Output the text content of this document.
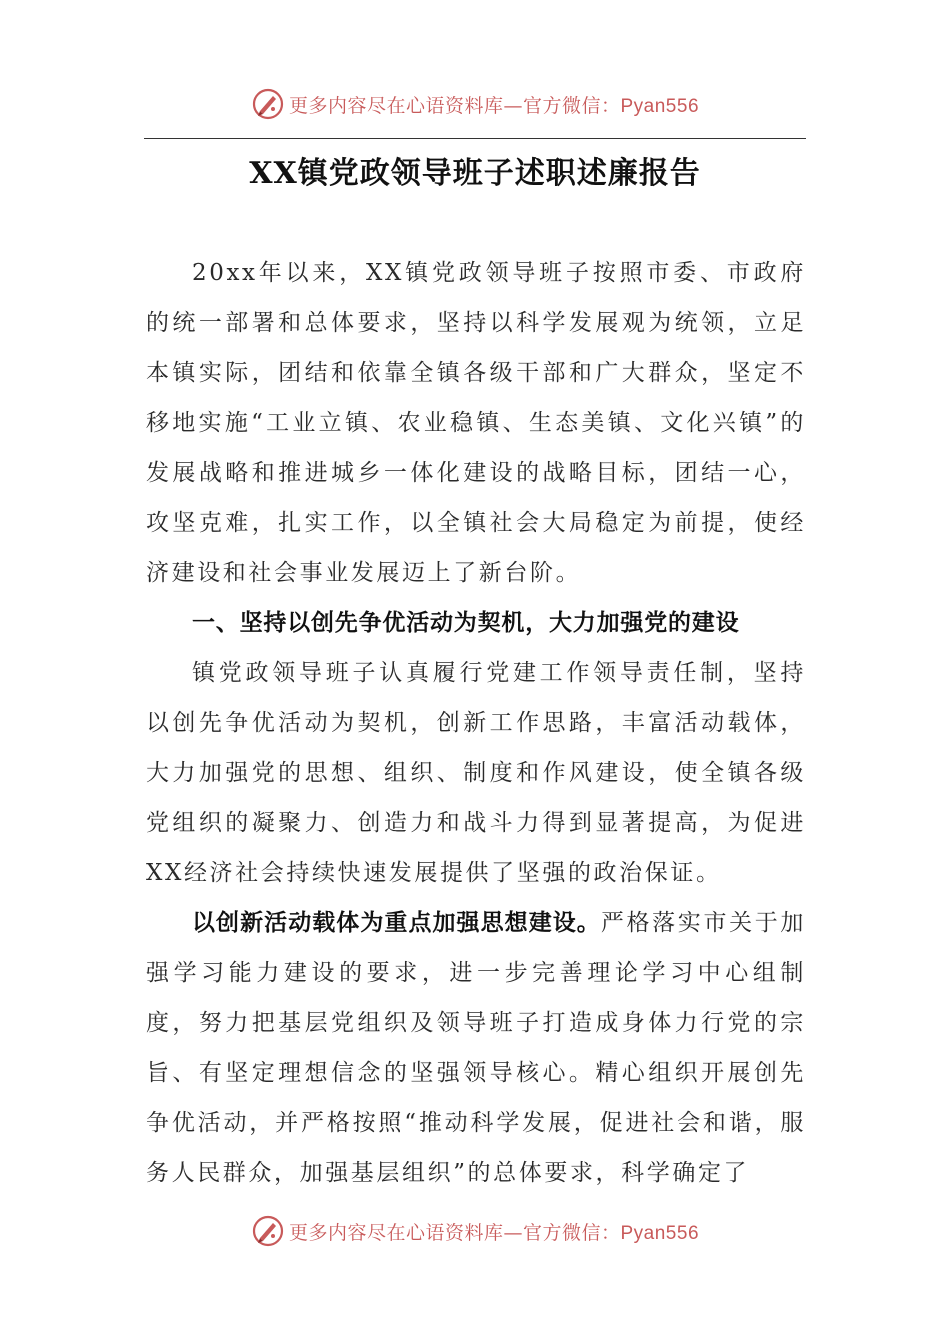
更多内容尽在心语资料库—官方微信：Pyan556
XX镇党政领导班子述职述廉报告

20xx年以来，XX镇党政领导班子按照市委、市政府的统一部署和总体要求，坚持以科学发展观为统领，立足本镇实际，团结和依靠全镇各级干部和广大群众，坚定不移地实施“工业立镇、农业稳镇、生态美镇、文化兴镇”的发展战略和推进城乡一体化建设的战略目标，团结一心，攻坚克难，扎实工作，以全镇社会大局稳定为前提，使经济建设和社会事业发展迈上了新台阶。

一、坚持以创先争优活动为契机，大力加强党的建设

镇党政领导班子认真履行党建工作领导责任制，坚持以创先争优活动为契机，创新工作思路，丰富活动载体，大力加强党的思想、组织、制度和作风建设，使全镇各级党组织的凝聚力、创造力和战斗力得到显著提高，为促进XX经济社会持续快速发展提供了坚强的政治保证。

以创新活动载体为重点加强思想建设。严格落实市关于加强学习能力建设的要求，进一步完善理论学习中心组制度，努力把基层党组织及领导班子打造成身体力行党的宗旨、有坚定理想信念的坚强领导核心。精心组织开展创先争优活动，并严格按照“推动科学发展，促进社会和谐，服务人民群众，加强基层组织”的总体要求，科学确定了

更多内容尽在心语资料库—官方微信：Pyan556
